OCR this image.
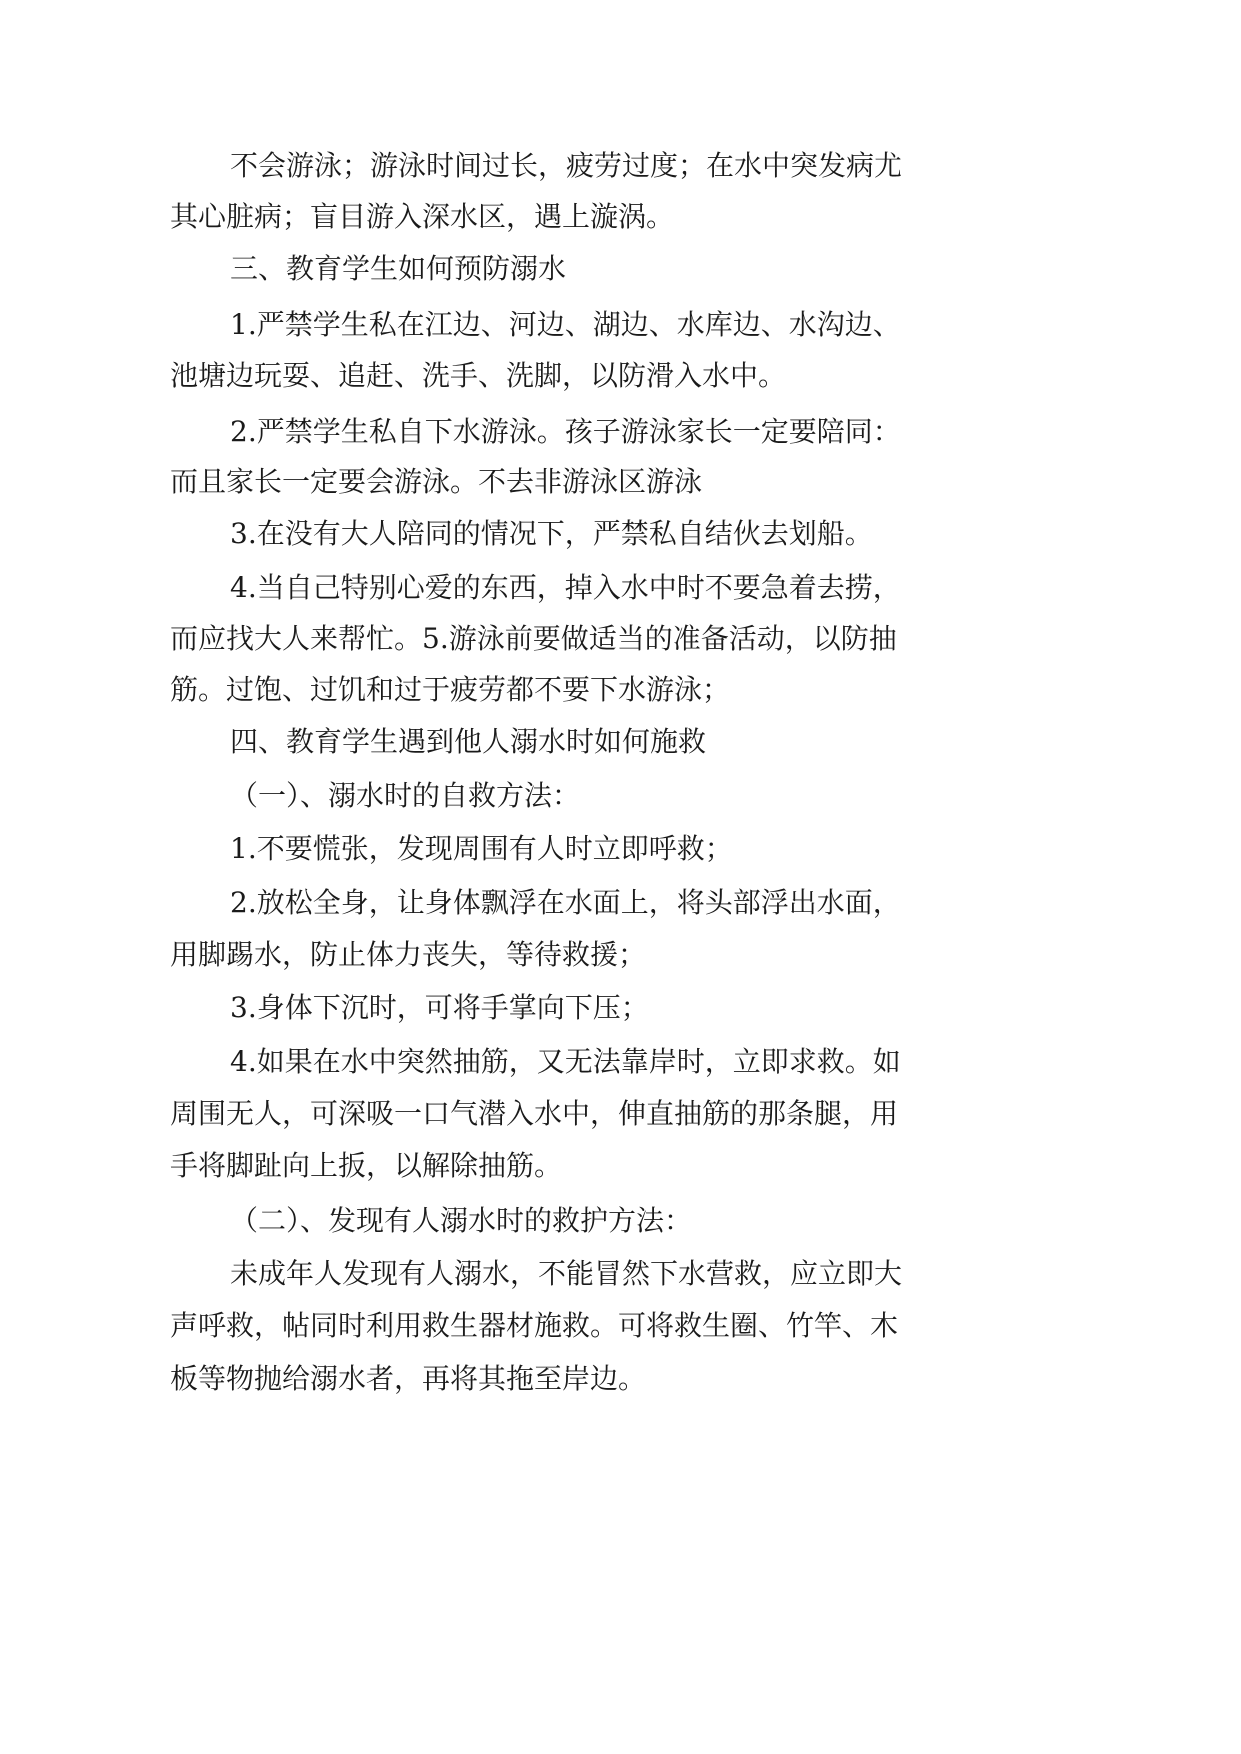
不会游泳；游泳时间过长，疲劳过度；在水中突发病尤
其心脏病；盲目游入深水区，遇上漩涡。
三、教育学生如何预防溺水
1.严禁学生私在江边、河边、湖边、水库边、水沟边、
池塘边玩耍、追赶、洗手、洗脚，以防滑入水中。
2.严禁学生私自下水游泳。孩子游泳家长一定要陪同：
而且家长一定要会游泳。不去非游泳区游泳
3.在没有大人陪同的情况下，严禁私自结伙去划船。
4.当自己特别心爱的东西，掉入水中时不要急着去捞，
而应找大人来帮忙。5.游泳前要做适当的准备活动，以防抽
筋。过饱、过饥和过于疲劳都不要下水游泳；
四、教育学生遇到他人溺水时如何施救
（一）、溺水时的自救方法：
1.不要慌张，发现周围有人时立即呼救；
2.放松全身，让身体飘浮在水面上，将头部浮出水面，
用脚踢水，防止体力丧失，等待救援；
3.身体下沉时，可将手掌向下压；
4.如果在水中突然抽筋，又无法靠岸时，立即求救。如
周围无人，可深吸一口气潜入水中，伸直抽筋的那条腿，用
手将脚趾向上扳，以解除抽筋。
（二）、发现有人溺水时的救护方法：
未成年人发现有人溺水，不能冒然下水营救，应立即大
声呼救，帖同时利用救生器材施救。可将救生圈、竹竿、木
板等物抛给溺水者，再将其拖至岸边。
